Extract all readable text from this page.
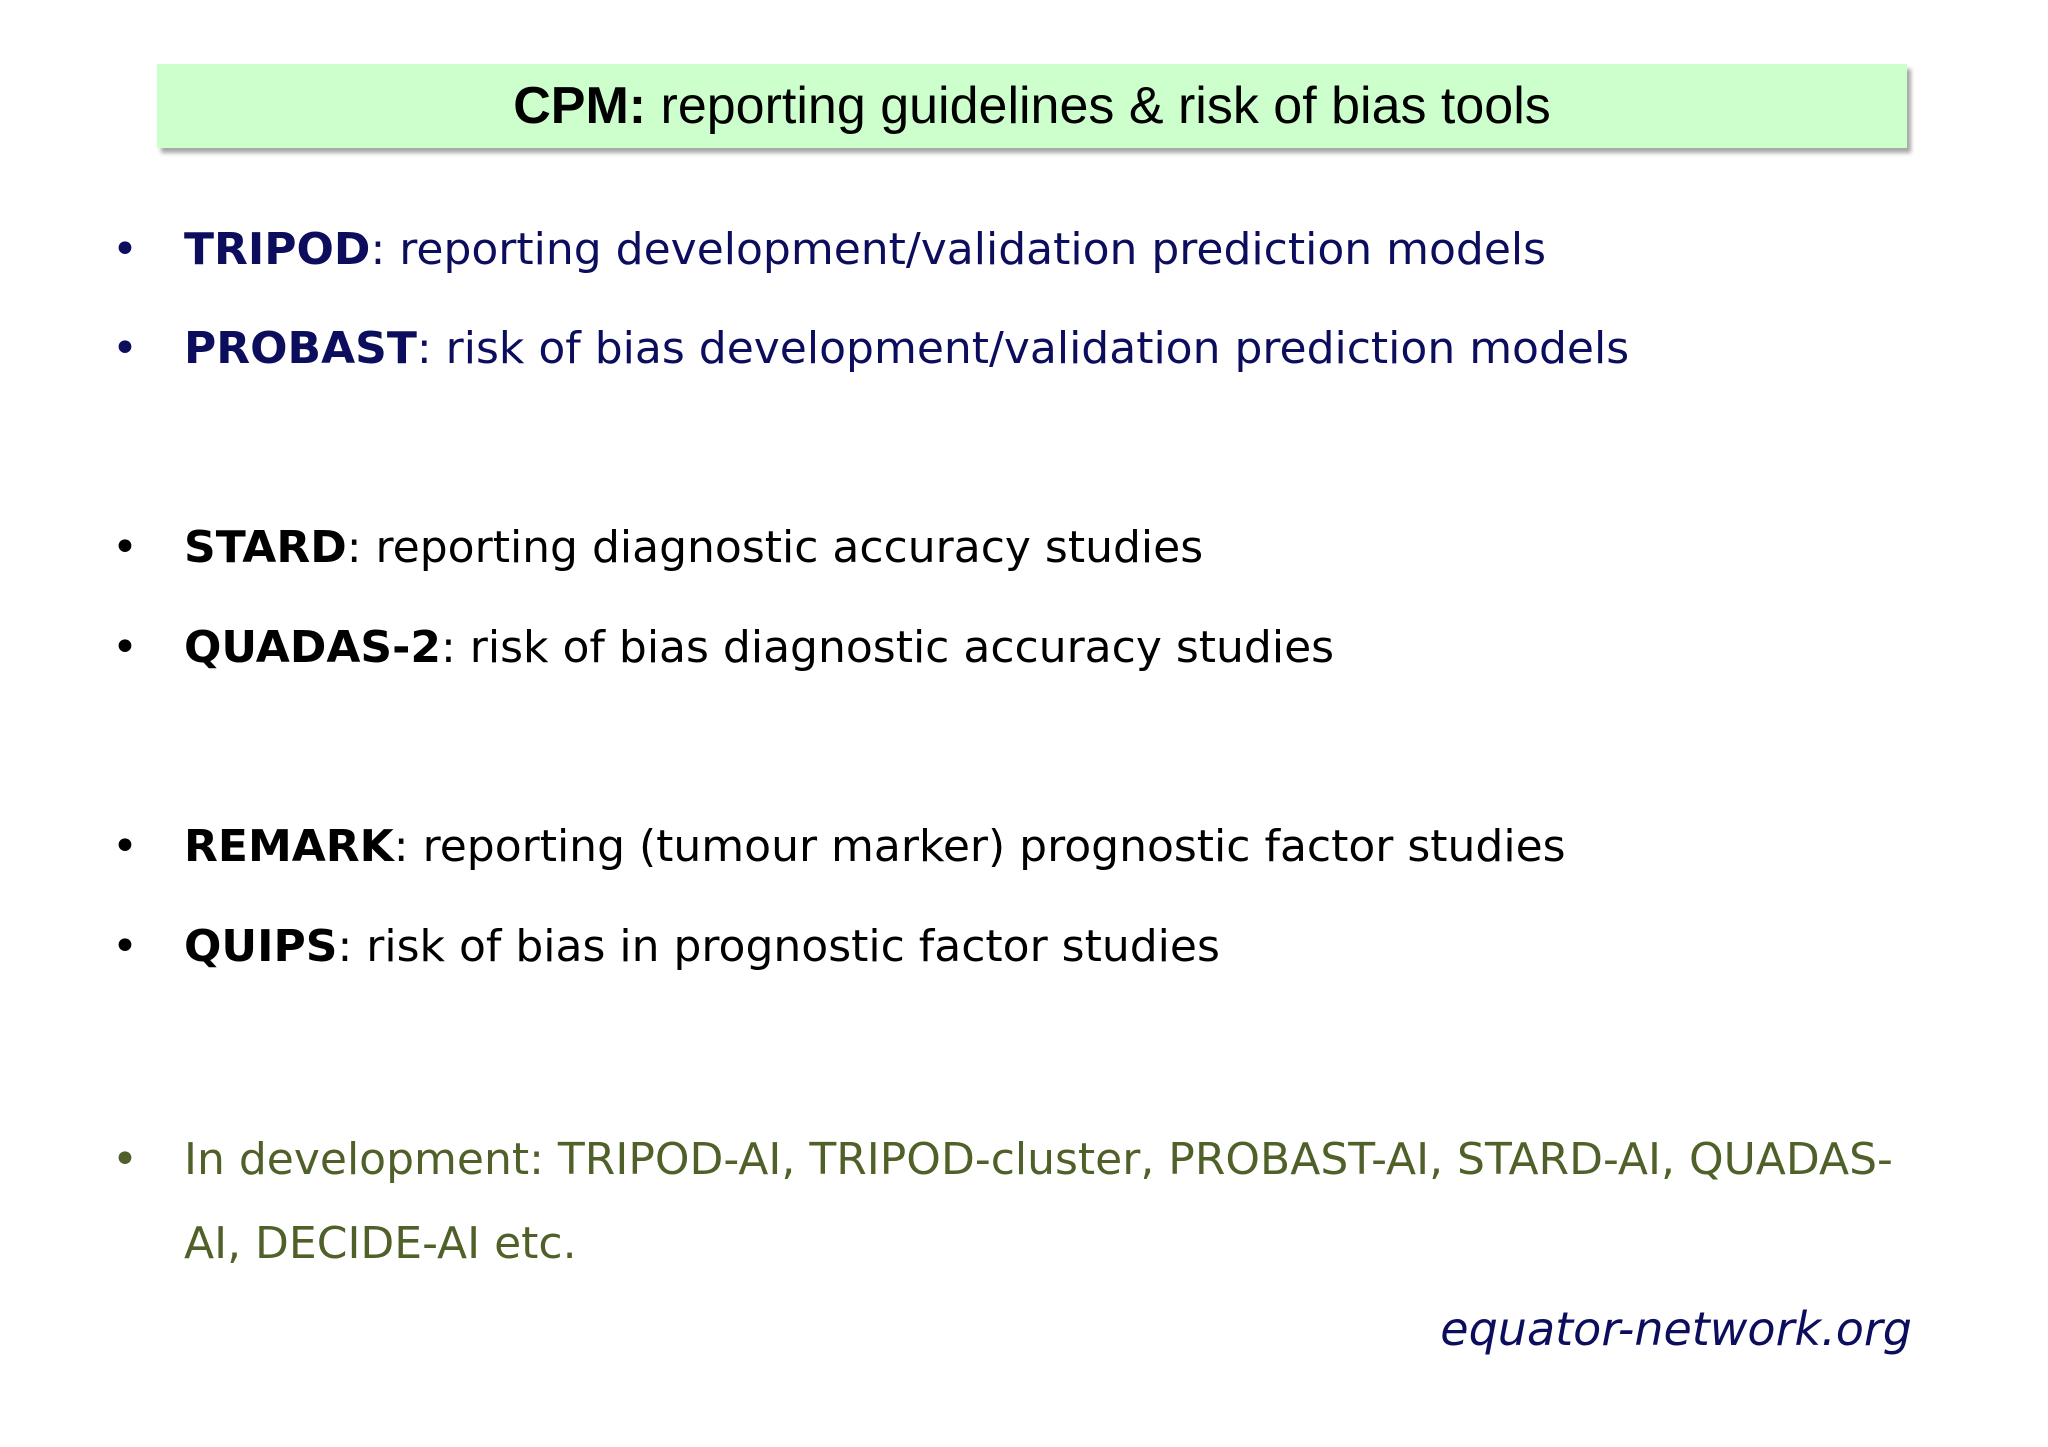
CPM: reporting guidelines & risk of bias tools
• TRIPOD: reporting development/validation prediction models
• PROBAST: risk of bias development/validation prediction models
• STARD: reporting diagnostic accuracy studies
• QUADAS-2: risk of bias diagnostic accuracy studies
• REMARK: reporting (tumour marker) prognostic factor studies
• QUIPS: risk of bias in prognostic factor studies
• In development: TRIPOD-AI, TRIPOD-cluster, PROBAST-AI, STARD-AI, QUADAS-AI, DECIDE-AI etc.
equator-network.org
